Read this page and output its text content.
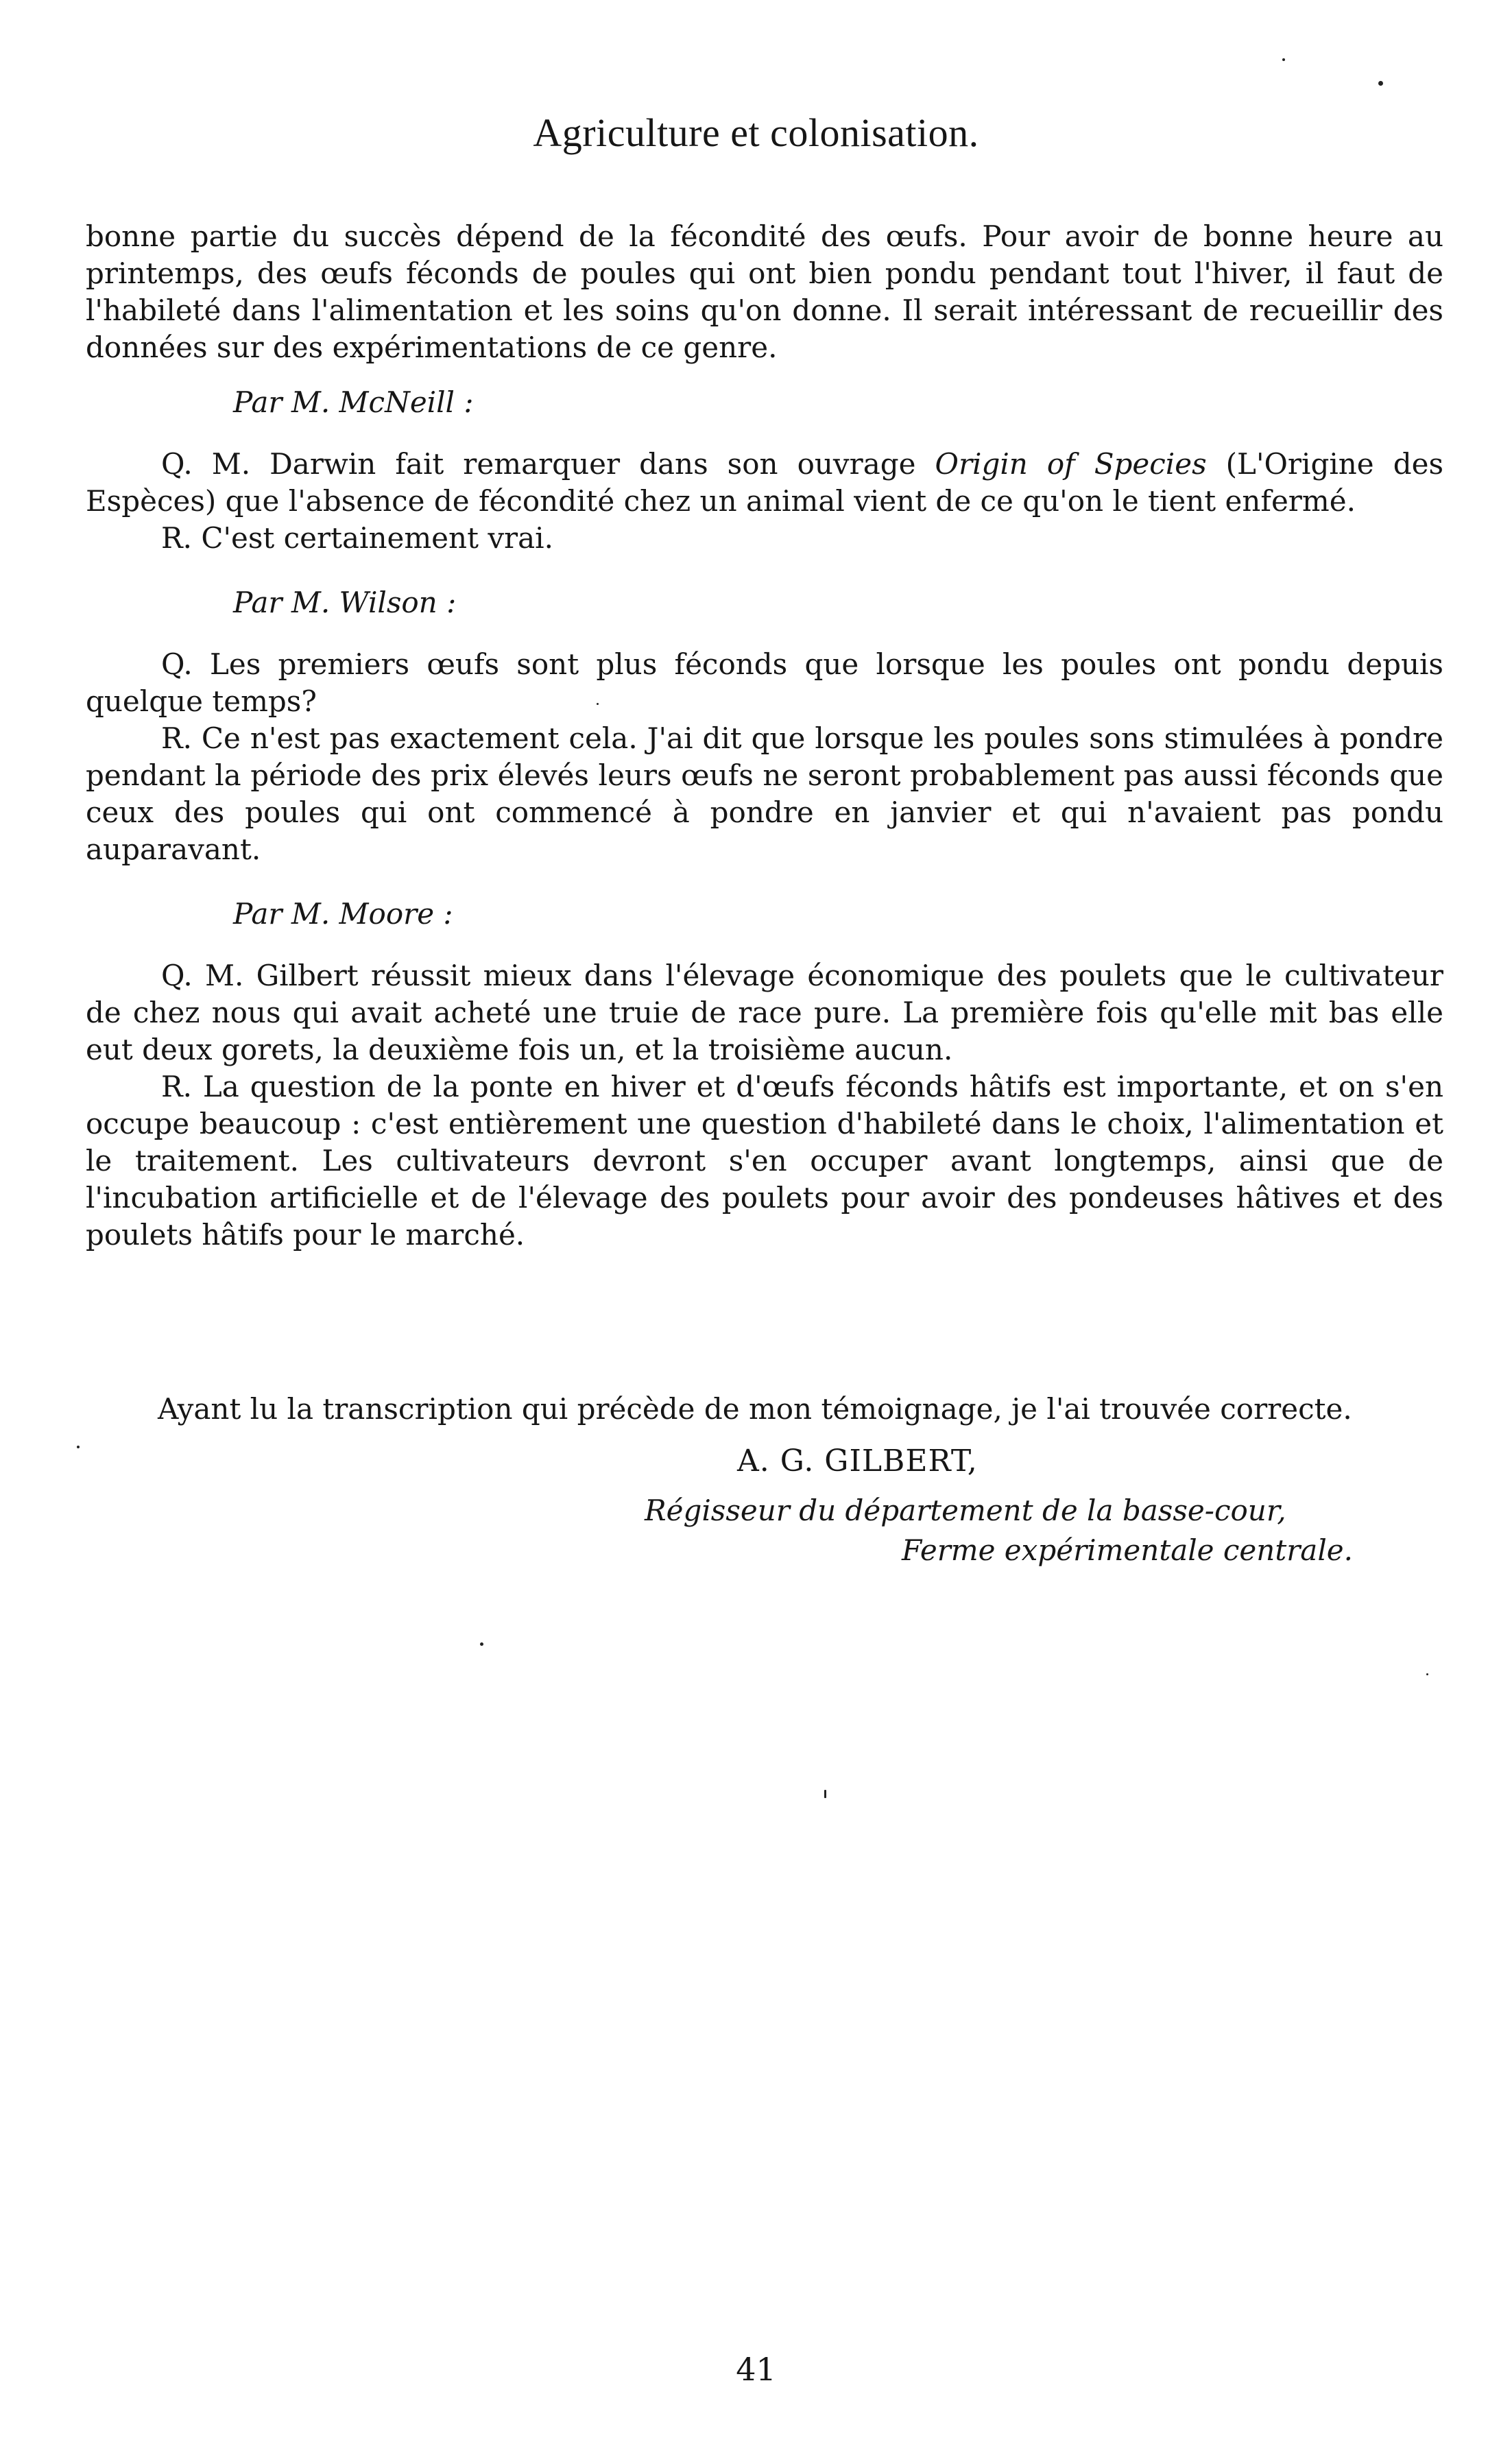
Agriculture et colonisation.

bonne partie du succès dépend de la fécondité des œufs. Pour avoir de bonne heure au printemps, des œufs féconds de poules qui ont bien pondu pendant tout l'hiver, il faut de l'habileté dans l'alimentation et les soins qu'on donne. Il serait intéressant de recueillir des données sur des expérimentations de ce genre.

Par M. McNeill :

Q. M. Darwin fait remarquer dans son ouvrage Origin of Species (L'Origine des Espèces) que l'absence de fécondité chez un animal vient de ce qu'on le tient enfermé.

R. C'est certainement vrai.

Par M. Wilson :

Q. Les premiers œufs sont plus féconds que lorsque les poules ont pondu depuis quelque temps?

R. Ce n'est pas exactement cela. J'ai dit que lorsque les poules sons stimulées à pondre pendant la période des prix élevés leurs œufs ne seront probablement pas aussi féconds que ceux des poules qui ont commencé à pondre en janvier et qui n'avaient pas pondu auparavant.

Par M. Moore :

Q. M. Gilbert réussit mieux dans l'élevage économique des poulets que le cultivateur de chez nous qui avait acheté une truie de race pure. La première fois qu'elle mit bas elle eut deux gorets, la deuxième fois un, et la troisième aucun.

R. La question de la ponte en hiver et d'œufs féconds hâtifs est importante, et on s'en occupe beaucoup : c'est entièrement une question d'habileté dans le choix, l'alimentation et le traitement. Les cultivateurs devront s'en occuper avant longtemps, ainsi que de l'incubation artificielle et de l'élevage des poulets pour avoir des pondeuses hâtives et des poulets hâtifs pour le marché.

Ayant lu la transcription qui précède de mon témoignage, je l'ai trouvée correcte.

A. G. GILBERT,

Régisseur du département de la basse-cour,

Ferme expérimentale centrale.

41
